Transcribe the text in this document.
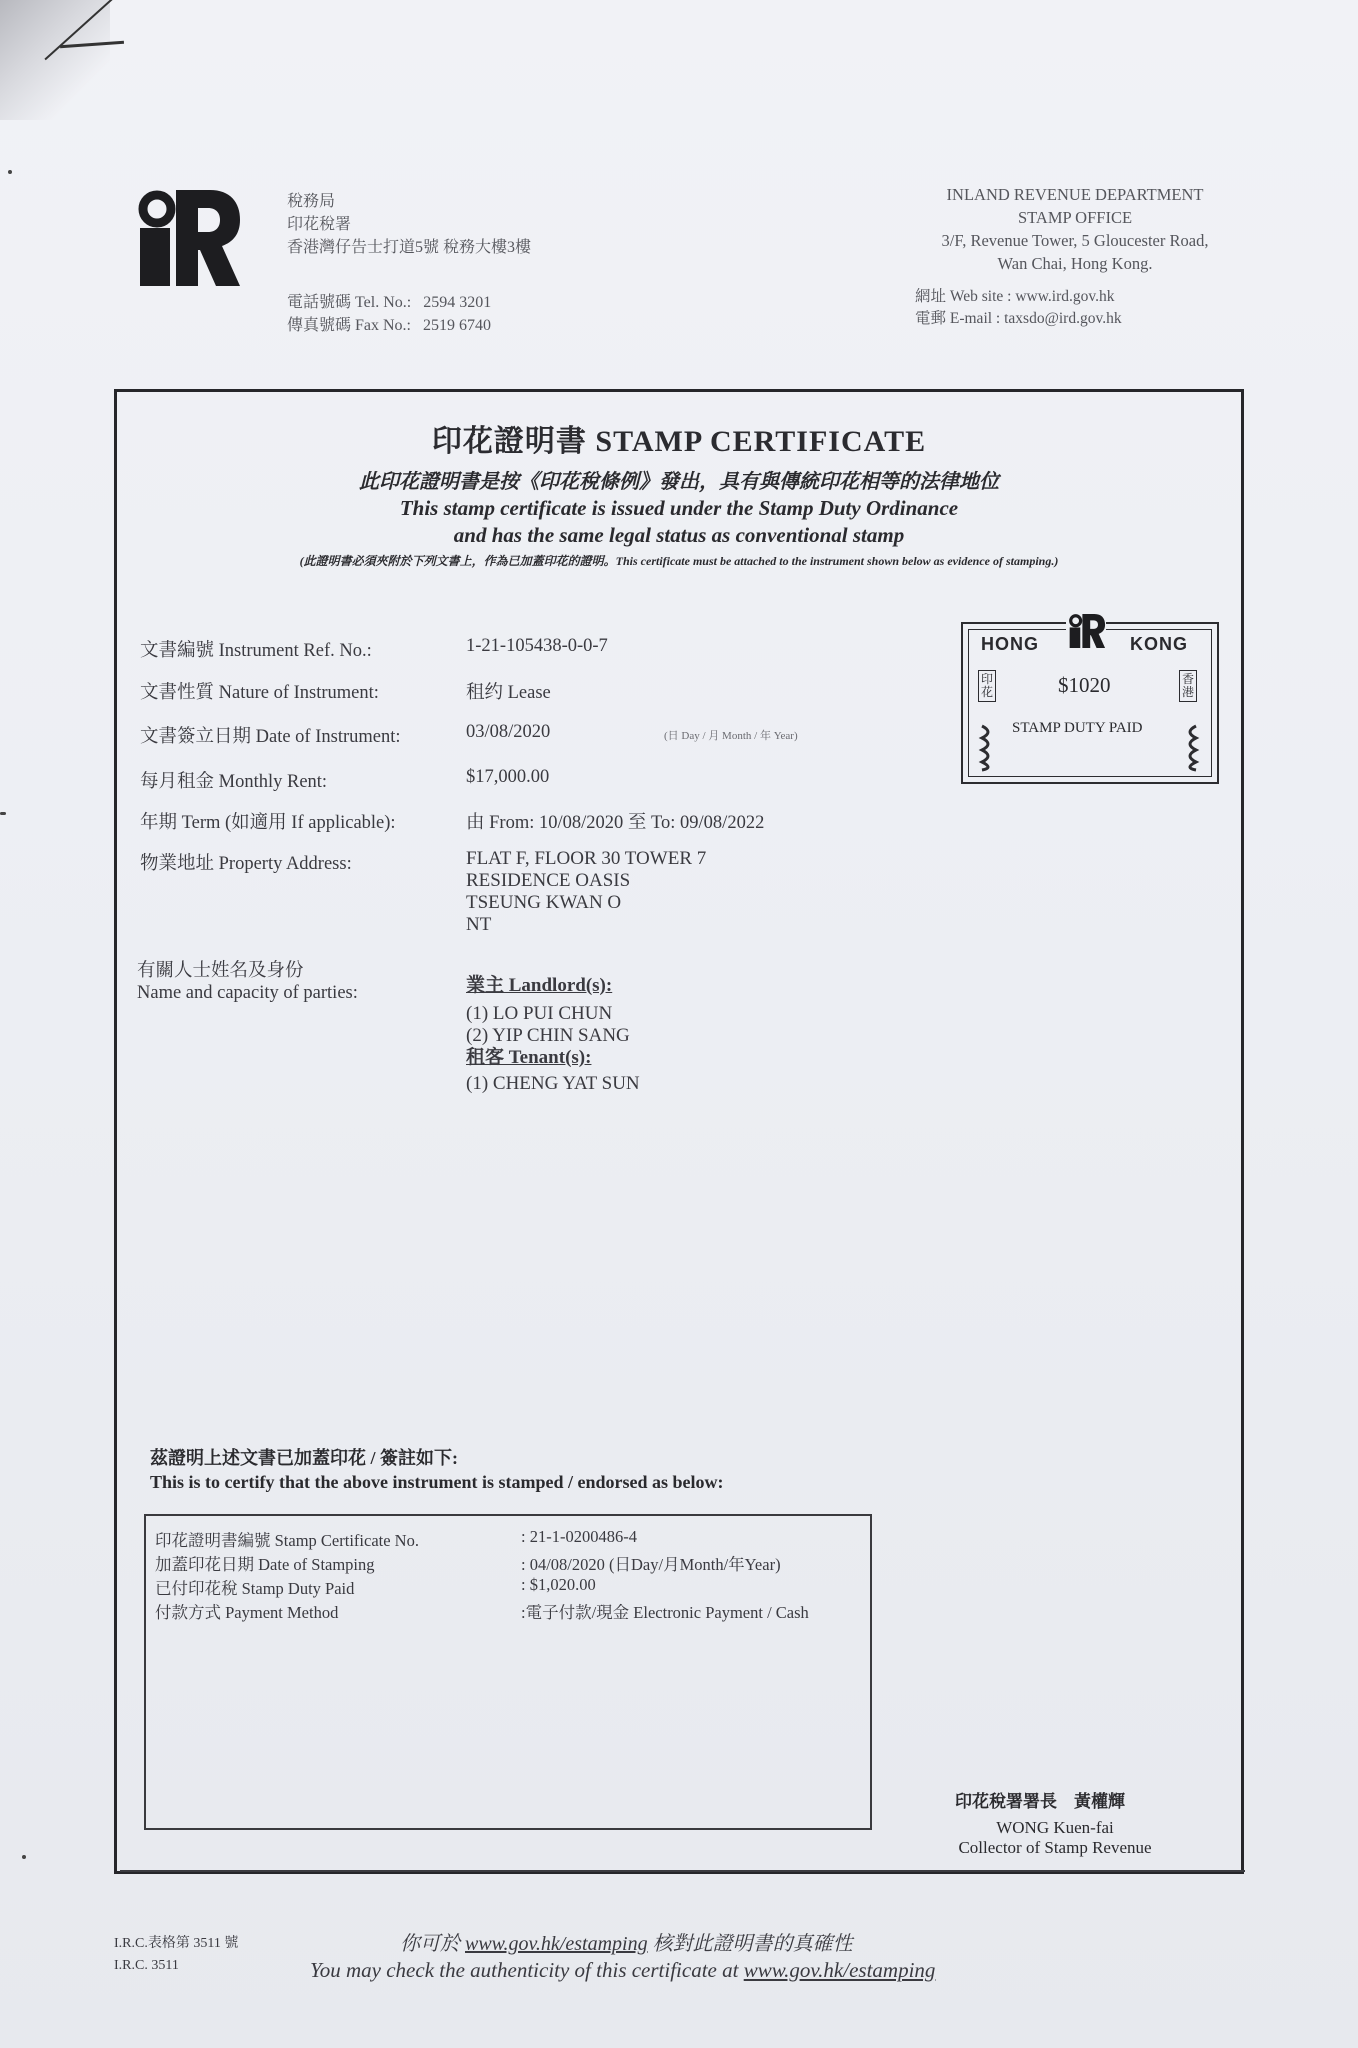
稅務局
印花稅署
香港灣仔告士打道5號 稅務大樓3樓
電話號碼 Tel. No.: 2594 3201
傳真號碼 Fax No.: 2519 6740
INLAND REVENUE DEPARTMENT
STAMP OFFICE
3/F, Revenue Tower, 5 Gloucester Road,
Wan Chai, Hong Kong.
網址 Web site : www.ird.gov.hk
電郵 E-mail : taxsdo@ird.gov.hk
印花證明書 STAMP CERTIFICATE
此印花證明書是按《印花稅條例》發出，具有與傳統印花相等的法律地位
This stamp certificate is issued under the Stamp Duty Ordinance
and has the same legal status as conventional stamp
(此證明書必須夾附於下列文書上，作為已加蓋印花的證明。This certificate must be attached to the instrument shown below as evidence of stamping.)
文書編號 Instrument Ref. No.:	1-21-105438-0-0-7
文書性質 Nature of Instrument:	租约 Lease
文書簽立日期 Date of Instrument:	03/08/2020	(日 Day / 月 Month / 年 Year)
每月租金 Monthly Rent:	$17,000.00
年期 Term (如適用 If applicable):	由 From: 10/08/2020 至 To: 09/08/2022
物業地址 Property Address:	FLAT F, FLOOR 30 TOWER 7
RESIDENCE OASIS
TSEUNG KWAN O
NT
有關人士姓名及身份
Name and capacity of parties:	業主 Landlord(s):
(1) LO PUI CHUN
(2) YIP CHIN SANG
租客 Tenant(s):
(1) CHENG YAT SUN
HONG	KONG
$1020
STAMP DUTY PAID
印花
香港
茲證明上述文書已加蓋印花 / 簽註如下:
This is to certify that the above instrument is stamped / endorsed as below:
印花證明書編號 Stamp Certificate No.	: 21-1-0200486-4
加蓋印花日期 Date of Stamping	: 04/08/2020 (日Day/月Month/年Year)
已付印花稅 Stamp Duty Paid	: $1,020.00
付款方式 Payment Method	:電子付款/現金 Electronic Payment / Cash
印花稅署署長　黃權輝
WONG Kuen-fai
Collector of Stamp Revenue
I.R.C.表格第 3511 號
I.R.C. 3511
你可於 www.gov.hk/estamping 核對此證明書的真確性
You may check the authenticity of this certificate at www.gov.hk/estamping
